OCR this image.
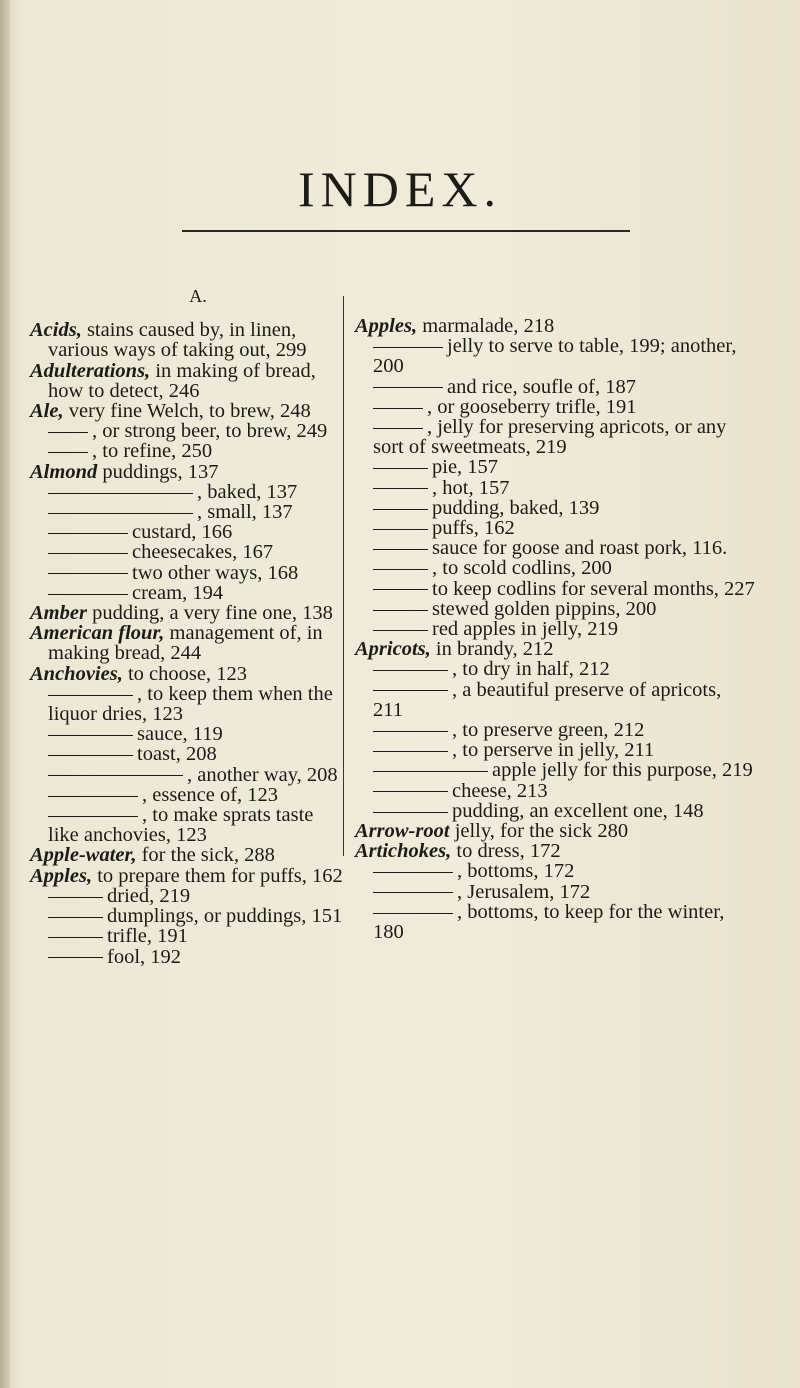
INDEX.
A.

Acids, stains caused by, in linen, various ways of taking out, 299

Adulterations, in making of bread, how to detect, 246

Ale, very fine Welch, to brew, 248

, or strong beer, to brew, 249

, to refine, 250

Almond puddings, 137

, baked, 137

, small, 137

custard, 166

cheesecakes, 167

two other ways, 168

cream, 194

Amber pudding, a very fine one, 138

American flour, management of, in making bread, 244

Anchovies, to choose, 123

, to keep them when the liquor dries, 123

sauce, 119

toast, 208

, another way, 208

, essence of, 123

, to make sprats taste like anchovies, 123

Apple-water, for the sick, 288

Apples, to prepare them for puffs, 162

dried, 219

dumplings, or puddings, 151

trifle, 191

fool, 192

Apples, marmalade, 218

jelly to serve to table, 199; another, 200

and rice, soufle of, 187

, or gooseberry trifle, 191

, jelly for preserving apricots, or any sort of sweetmeats, 219

pie, 157

, hot, 157

pudding, baked, 139

puffs, 162

sauce for goose and roast pork, 116.

, to scold codlins, 200

to keep codlins for several months, 227

stewed golden pippins, 200

red apples in jelly, 219

Apricots, in brandy, 212

, to dry in half, 212

, a beautiful preserve of apricots, 211

, to preserve green, 212

, to perserve in jelly, 211

apple jelly for this purpose, 219

cheese, 213

pudding, an excellent one, 148

Arrow-root jelly, for the sick 280

Artichokes, to dress, 172

, bottoms, 172

, Jerusalem, 172

, bottoms, to keep for the winter, 180
